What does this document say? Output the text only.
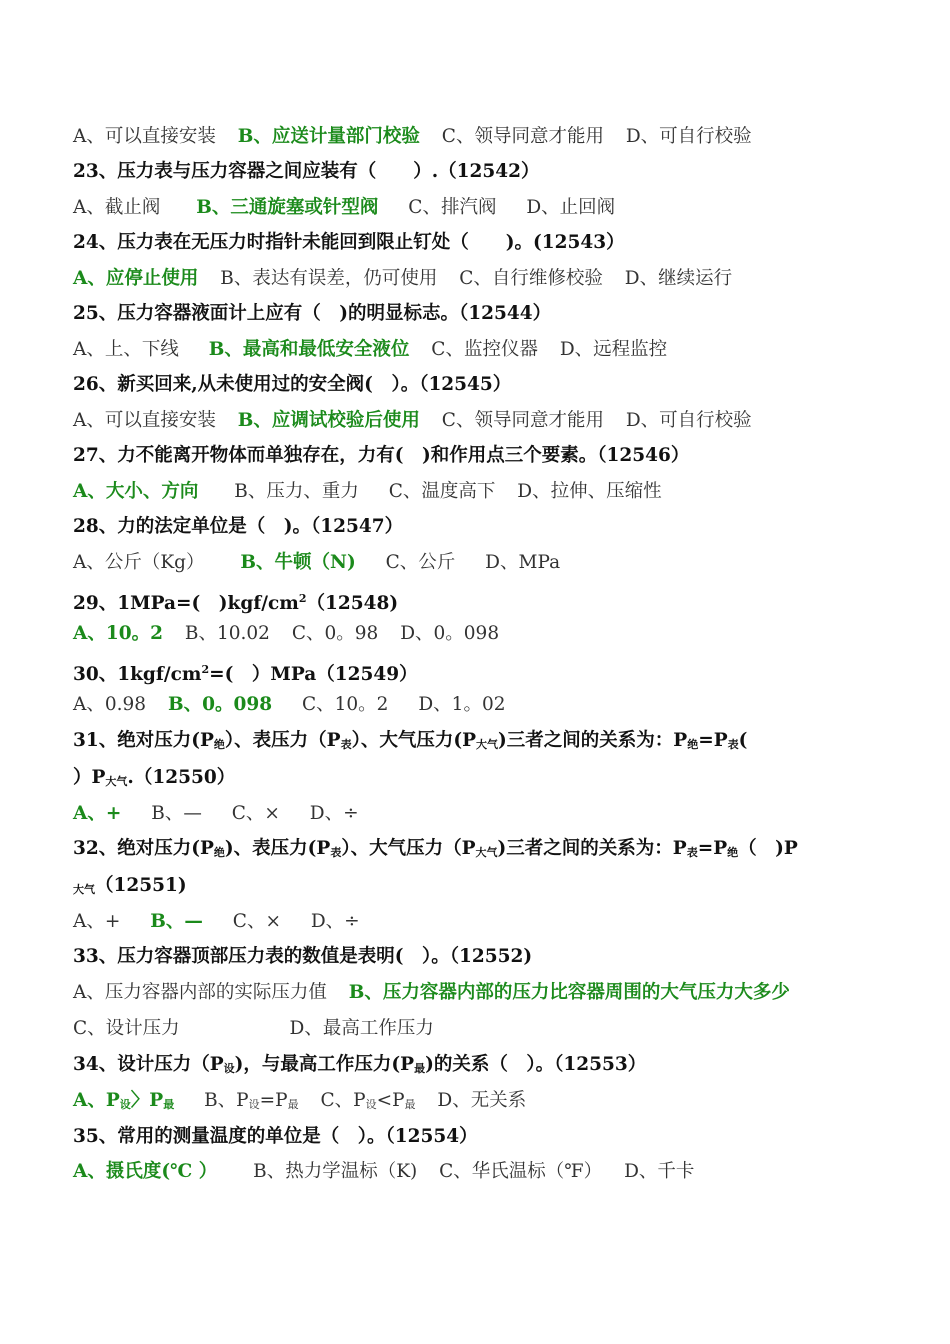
A、可以直接安装 B、应送计量部门校验 C、领导同意才能用 D、可自行校验
23、压力表与压力容器之间应装有（　　）.（12542）
A、截止阀 B、三通旋塞或针型阀 C、排汽阀 D、止回阀
24、压力表在无压力时指针未能回到限止钉处（　　)。(12543）
A、应停止使用 B、表达有误差，仍可使用 C、自行维修校验 D、继续运行
25、压力容器液面计上应有（　)的明显标志。（12544）
A、上、下线 B、最高和最低安全液位 C、监控仪器 D、远程监控
26、新买回来,从未使用过的安全阀(　）。（12545）
A、可以直接安装 B、应调试校验后使用 C、领导同意才能用 D、可自行校验
27、力不能离开物体而单独存在，力有(　)和作用点三个要素。（12546）
A、大小、方向 B、压力、重力 C、温度高下 D、拉伸、压缩性
28、力的法定单位是（　)。（12547）
A、公斤（Kg） B、牛顿（N) C、公斤 D、MPa
29、1MPa=(　)$kgf/cm^2(12548)$
A、10。2 B、10.02 C、0。98 D、0。098
30、$1kgf/cm^2=$(　）MPa（12549）
A、0.98 B、0。098 C、10。2 D、1。02
31、绝对压力(P绝）、表压力（P表）、大气压力(P大气)三者之间的关系为：P绝=P表(
）P大气.（12550）
A、+ B、— C、× D、÷
32、绝对压力(P绝)、表压力(P表）、大气压力（P大气)三者之间的关系为：P表=P绝（　)P
大气（12551)
A、+ B、— C、× D、÷
33、压力容器顶部压力表的数值是表明(　）。（12552)
A、压力容器内部的实际压力值 B、压力容器内部的压力比容器周围的大气压力大多少
C、设计压力	D、最高工作压力
34、设计压力（P设)，与最高工作压力(P最)的关系（　）。（12553）
A、P设〉P最 B、P设=P最 C、P设<P最 D、无关系
35、常用的测量温度的单位是（　）。（12554）
A、摄氏度(℃ ） B、热力学温标（K) C、华氏温标（℉） D、千卡
